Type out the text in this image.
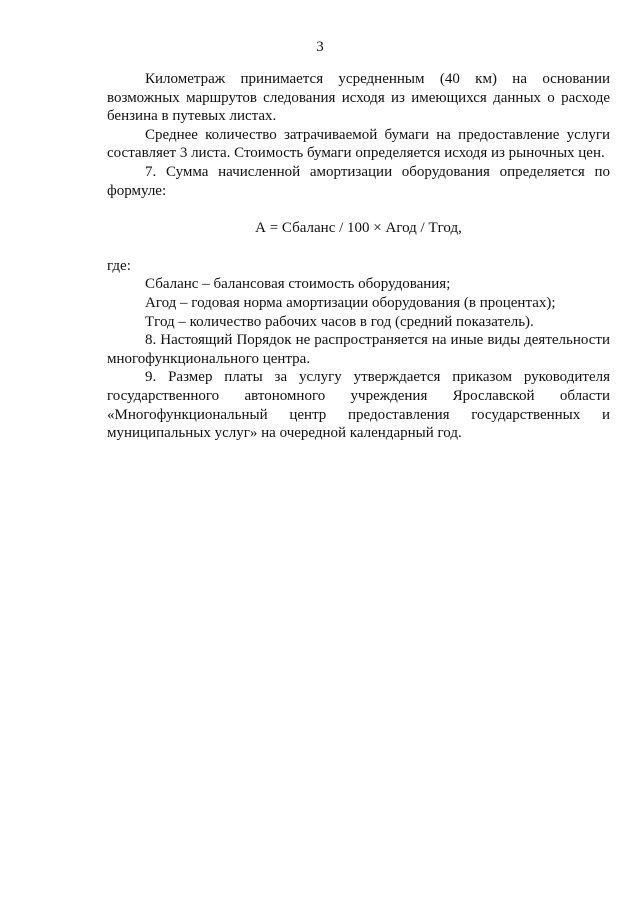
3

Километраж принимается усредненным (40 км) на основании возможных маршрутов следования исходя из имеющихся данных о расходе бензина в путевых листах.

Среднее количество затрачиваемой бумаги на предоставление услуги составляет 3 листа. Стоимость бумаги определяется исходя из рыночных цен.

7. Сумма начисленной амортизации оборудования определяется по формуле:

А = Сбаланс / 100 × Агод / Тгод,

где:

Сбаланс – балансовая стоимость оборудования;

Агод – годовая норма амортизации оборудования (в процентах);

Тгод – количество рабочих часов в год (средний показатель).

8. Настоящий Порядок не распространяется на иные виды деятельности многофункционального центра.

9. Размер платы за услугу утверждается приказом руководителя государственного автономного учреждения Ярославской области «Многофункциональный центр предоставления государственных и муниципальных услуг» на очередной календарный год.
